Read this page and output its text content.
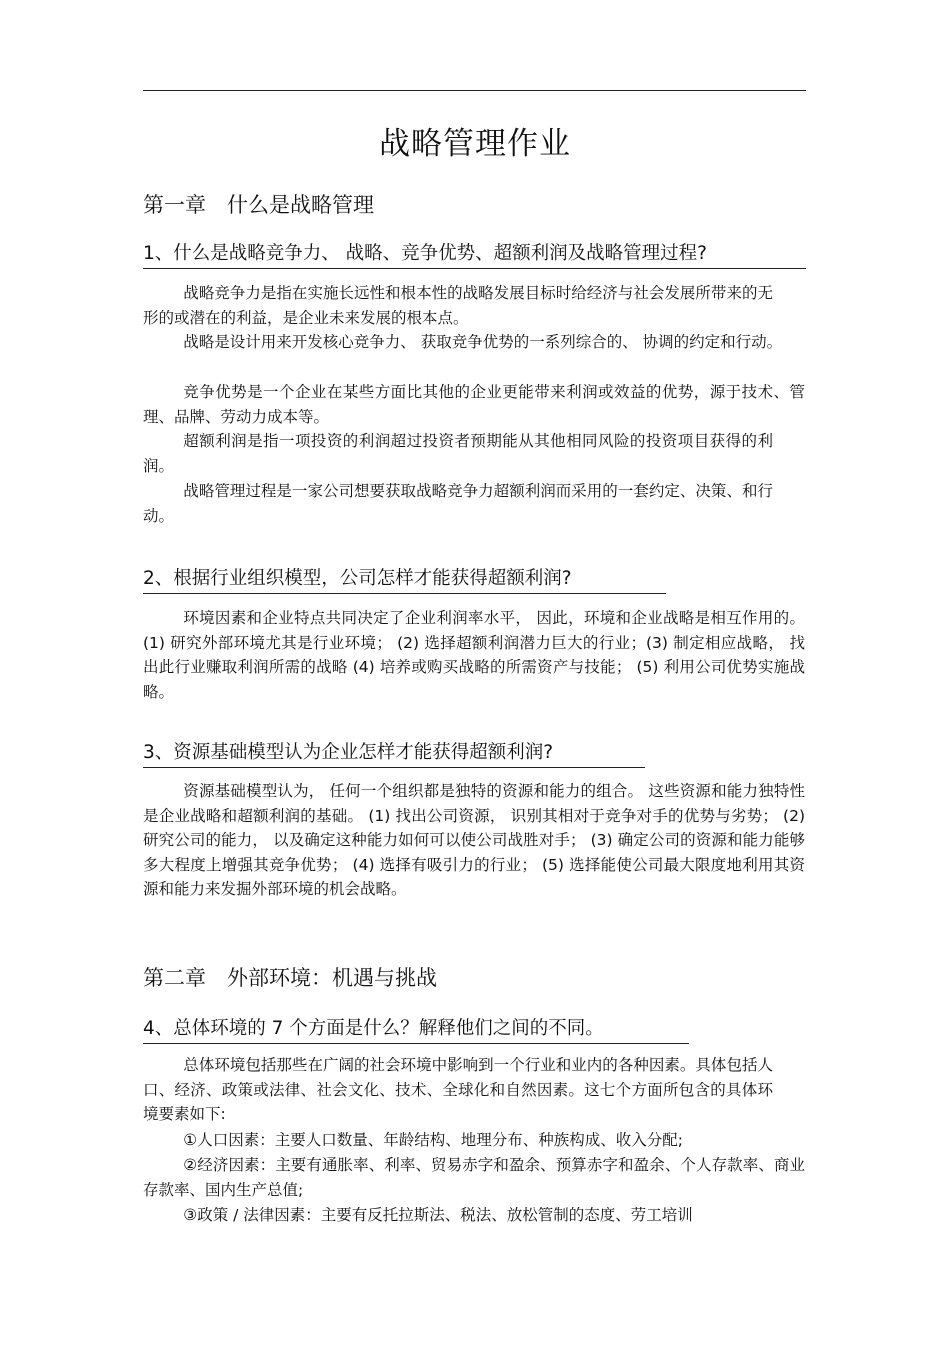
战略管理作业
第一章　什么是战略管理
1、什么是战略竞争力、 战略、竞争优势、超额利润及战略管理过程?
战略竞争力是指在实施长远性和根本性的战略发展目标时给经济与社会发展所带来的无形的或潜在的利益，是企业未来发展的根本点。
战略是设计用来开发核心竞争力、 获取竞争优势的一系列综合的、 协调的约定和行动。
竞争优势是一个企业在某些方面比其他的企业更能带来利润或效益的优势，源于技术、管理、品牌、劳动力成本等。
超额利润是指一项投资的利润超过投资者预期能从其他相同风险的投资项目获得的利润。
战略管理过程是一家公司想要获取战略竞争力超额利润而采用的一套约定、决策、和行动。
2、根据行业组织模型，公司怎样才能获得超额利润?
环境因素和企业特点共同决定了企业利润率水平， 因此，环境和企业战略是相互作用的。 (1) 研究外部环境尤其是行业环境； (2) 选择超额利润潜力巨大的行业；(3) 制定相应战略， 找出此行业赚取利润所需的战略 (4) 培养或购买战略的所需资产与技能； (5) 利用公司优势实施战略。
3、资源基础模型认为企业怎样才能获得超额利润?
资源基础模型认为， 任何一个组织都是独特的资源和能力的组合。 这些资源和能力独特性是企业战略和超额利润的基础。 (1) 找出公司资源， 识别其相对于竞争对手的优势与劣势； (2) 研究公司的能力， 以及确定这种能力如何可以使公司战胜对手； (3) 确定公司的资源和能力能够多大程度上增强其竞争优势； (4) 选择有吸引力的行业； (5) 选择能使公司最大限度地利用其资源和能力来发掘外部环境的机会战略。
第二章　外部环境：机遇与挑战
4、总体环境的 7 个方面是什么？解释他们之间的不同。
总体环境包括那些在广阔的社会环境中影响到一个行业和业内的各种因素。具体包括人口、经济、政策或法律、社会文化、技术、全球化和自然因素。这七个方面所包含的具体环境要素如下:
①人口因素：主要人口数量、年龄结构、地理分布、种族构成、收入分配;
②经济因素：主要有通胀率、利率、贸易赤字和盈余、预算赤字和盈余、个人存款率、商业存款率、国内生产总值;
③政策 / 法律因素：主要有反托拉斯法、税法、放松管制的态度、劳工培训
